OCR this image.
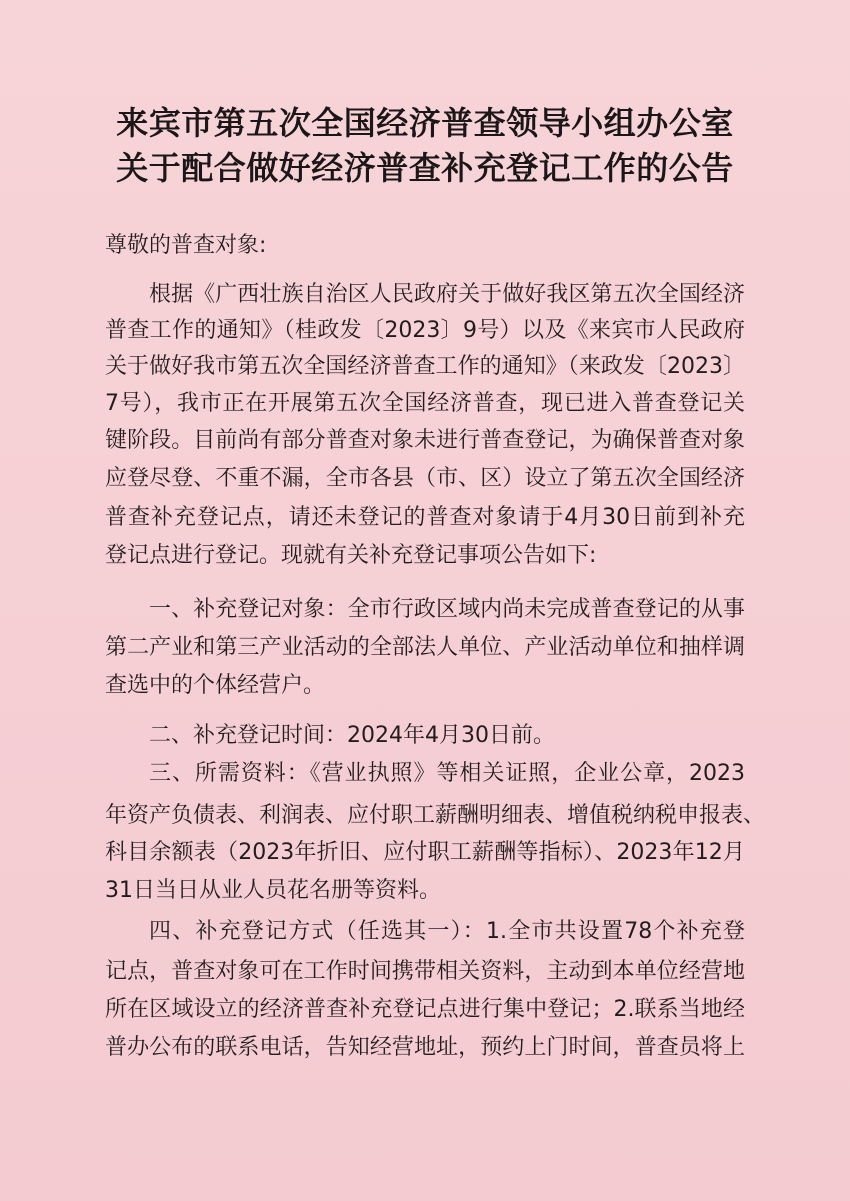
来宾市第五次全国经济普查领导小组办公室
关于配合做好经济普查补充登记工作的公告
尊敬的普查对象:
根据《广西壮族自治区人民政府关于做好我区第五次全国经济
普查工作的通知》（桂政发〔2023〕9号）以及《来宾市人民政府
关于做好我市第五次全国经济普查工作的通知》（来政发〔2023〕
7号），我市正在开展第五次全国经济普查，现已进入普查登记关
键阶段。目前尚有部分普查对象未进行普查登记，为确保普查对象
应登尽登、不重不漏，全市各县（市、区）设立了第五次全国经济
普查补充登记点，请还未登记的普查对象请于4月30日前到补充
登记点进行登记。现就有关补充登记事项公告如下:
一、补充登记对象：全市行政区域内尚未完成普查登记的从事
第二产业和第三产业活动的全部法人单位、产业活动单位和抽样调
查选中的个体经营户。
二、补充登记时间：2024年4月30日前。
三、所需资料：《营业执照》等相关证照，企业公章，2023
年资产负债表、利润表、应付职工薪酬明细表、增值税纳税申报表、
科目余额表（2023年折旧、应付职工薪酬等指标）、2023年12月
31日当日从业人员花名册等资料。
四、补充登记方式（任选其一）：1.全市共设置78个补充登
记点，普查对象可在工作时间携带相关资料，主动到本单位经营地
所在区域设立的经济普查补充登记点进行集中登记；2.联系当地经
普办公布的联系电话，告知经营地址，预约上门时间，普查员将上
